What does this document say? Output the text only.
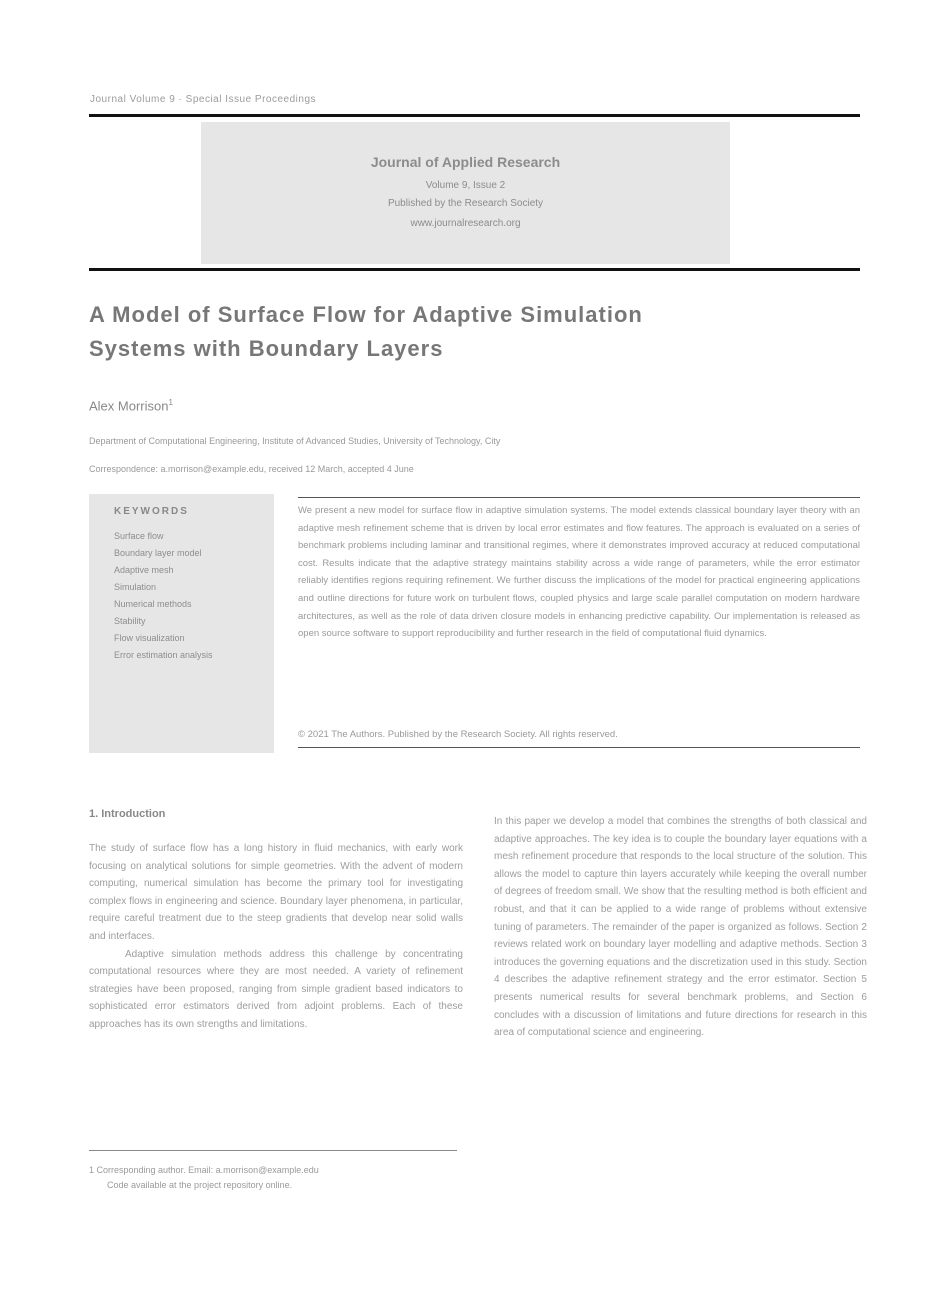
Journal Volume 9 · Special Issue Proceedings
Journal of Applied Research
Volume 9, Issue 2
Published by the Research Society
www.journalresearch.org
A Model of Surface Flow for Adaptive Simulation
Systems with Boundary Layers
Alex Morrison$^1$
Department of Computational Engineering, Institute of Advanced Studies, University of Technology, City
Correspondence: a.morrison@example.edu, received 12 March, accepted 4 June
KEYWORDS
Surface flow
Boundary layer model
Adaptive mesh
Simulation
Numerical methods
Stability
Flow visualization
Error estimation analysis
We present a new model for surface flow in adaptive simulation systems. The model extends classical boundary layer theory with an adaptive mesh refinement scheme that is driven by local error estimates and flow features. The approach is evaluated on a series of benchmark problems including laminar and transitional regimes, where it demonstrates improved accuracy at reduced computational cost. Results indicate that the adaptive strategy maintains stability across a wide range of parameters, while the error estimator reliably identifies regions requiring refinement. We further discuss the implications of the model for practical engineering applications and outline directions for future work on turbulent flows, coupled physics and large scale parallel computation on modern hardware architectures, as well as the role of data driven closure models in enhancing predictive capability. Our implementation is released as open source software to support reproducibility and further research in the field of computational fluid dynamics.
© 2021 The Authors. Published by the Research Society. All rights reserved.
1. Introduction

The study of surface flow has a long history in fluid mechanics, with early work focusing on analytical solutions for simple geometries. With the advent of modern computing, numerical simulation has become the primary tool for investigating complex flows in engineering and science. Boundary layer phenomena, in particular, require careful treatment due to the steep gradients that develop near solid walls and interfaces.

Adaptive simulation methods address this challenge by concentrating computational resources where they are most needed. A variety of refinement strategies have been proposed, ranging from simple gradient based indicators to sophisticated error estimators derived from adjoint problems. Each of these approaches has its own strengths and limitations.

1 Corresponding author. Email: a.morrison@example.edu
Code available at the project repository online.

In this paper we develop a model that combines the strengths of both classical and adaptive approaches. The key idea is to couple the boundary layer equations with a mesh refinement procedure that responds to the local structure of the solution. This allows the model to capture thin layers accurately while keeping the overall number of degrees of freedom small. We show that the resulting method is both efficient and robust, and that it can be applied to a wide range of problems without extensive tuning of parameters. The remainder of the paper is organized as follows. Section 2 reviews related work on boundary layer modelling and adaptive methods. Section 3 introduces the governing equations and the discretization used in this study. Section 4 describes the adaptive refinement strategy and the error estimator. Section 5 presents numerical results for several benchmark problems, and Section 6 concludes with a discussion of limitations and future directions for research in this area of computational science and engineering.
